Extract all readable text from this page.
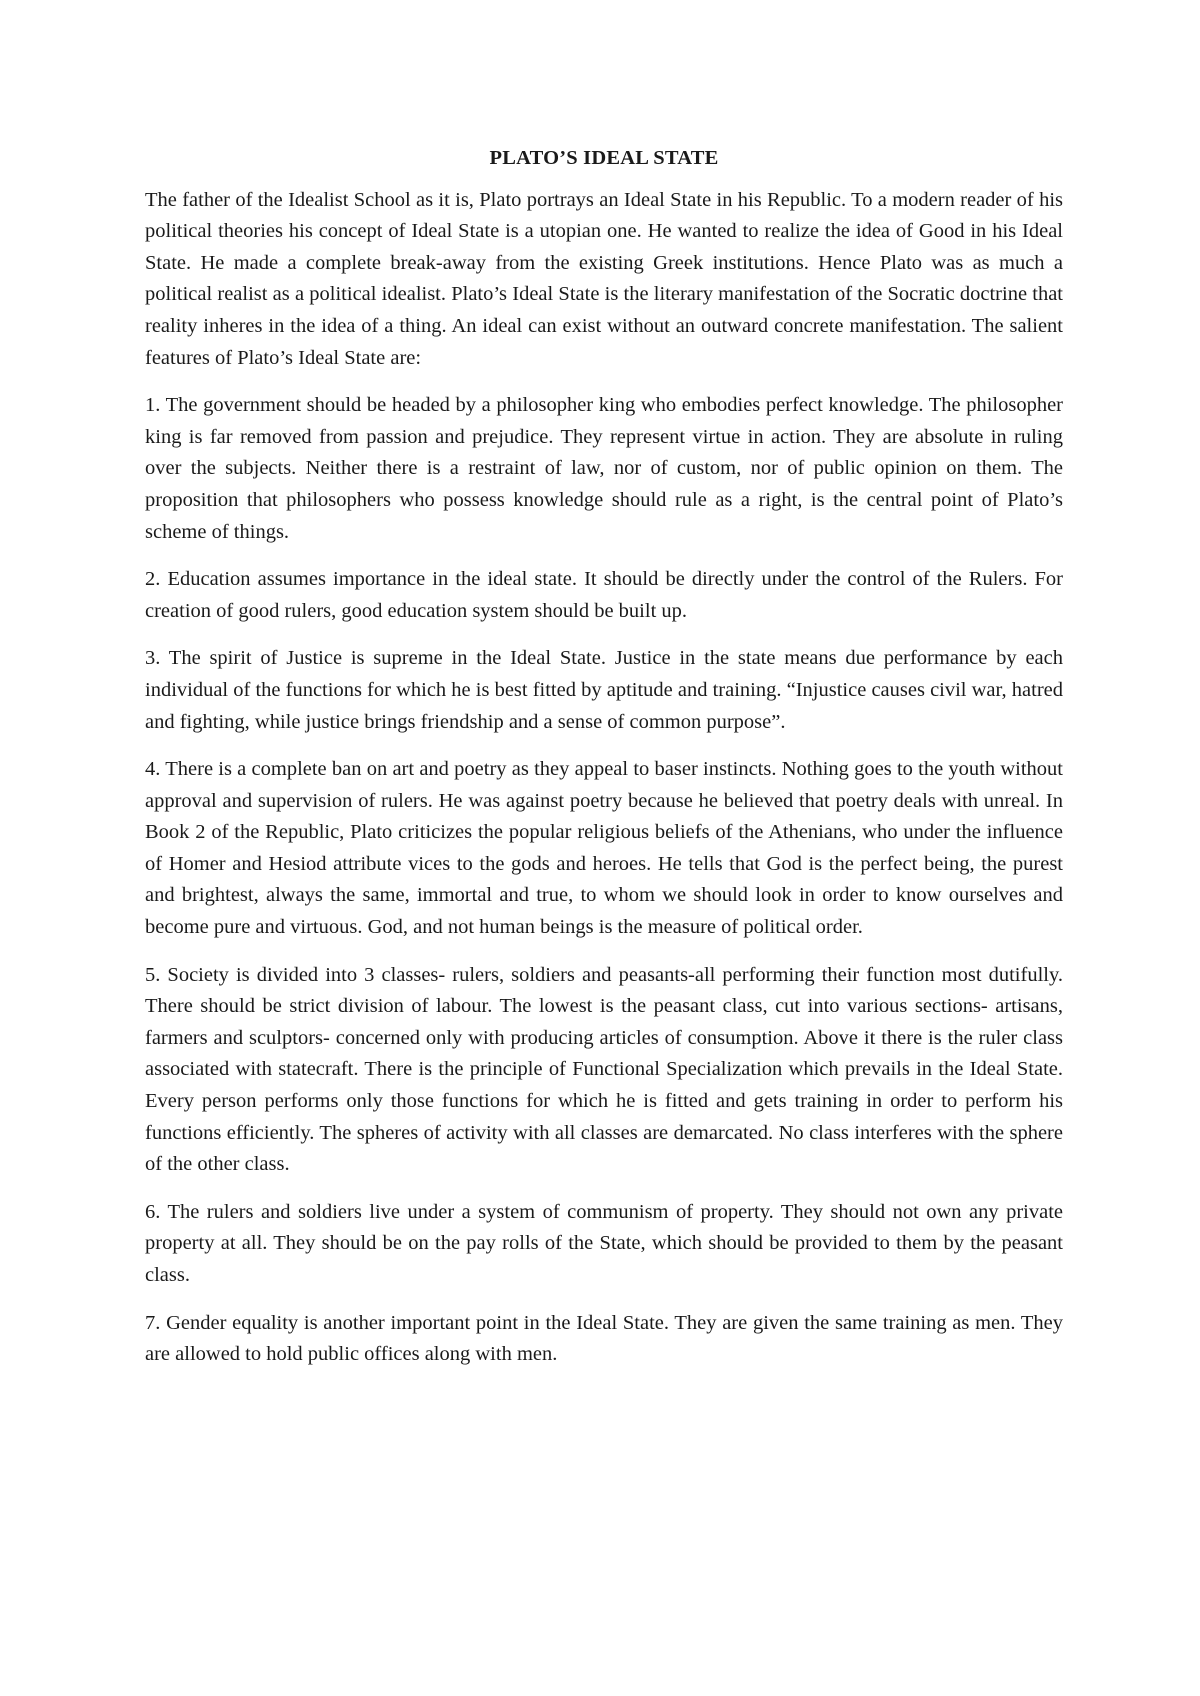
PLATO’S IDEAL STATE

The father of the Idealist School as it is, Plato portrays an Ideal State in his Republic. To a modern reader of his political theories his concept of Ideal State is a utopian one. He wanted to realize the idea of Good in his Ideal State. He made a complete break-away from the existing Greek institutions. Hence Plato was as much a political realist as a political idealist. Plato’s Ideal State is the literary manifestation of the Socratic doctrine that reality inheres in the idea of a thing. An ideal can exist without an outward concrete manifestation. The salient features of Plato’s Ideal State are:

1. The government should be headed by a philosopher king who embodies perfect knowledge. The philosopher king is far removed from passion and prejudice. They represent virtue in action. They are absolute in ruling over the subjects. Neither there is a restraint of law, nor of custom, nor of public opinion on them. The proposition that philosophers who possess knowledge should rule as a right, is the central point of Plato’s scheme of things.

2. Education assumes importance in the ideal state. It should be directly under the control of the Rulers. For creation of good rulers, good education system should be built up.

3. The spirit of Justice is supreme in the Ideal State. Justice in the state means due performance by each individual of the functions for which he is best fitted by aptitude and training. “Injustice causes civil war, hatred and fighting, while justice brings friendship and a sense of common purpose”.

4. There is a complete ban on art and poetry as they appeal to baser instincts. Nothing goes to the youth without approval and supervision of rulers. He was against poetry because he believed that poetry deals with unreal. In Book 2 of the Republic, Plato criticizes the popular religious beliefs of the Athenians, who under the influence of Homer and Hesiod attribute vices to the gods and heroes. He tells that God is the perfect being, the purest and brightest, always the same, immortal and true, to whom we should look in order to know ourselves and become pure and virtuous. God, and not human beings is the measure of political order.

5. Society is divided into 3 classes- rulers, soldiers and peasants-all performing their function most dutifully. There should be strict division of labour. The lowest is the peasant class, cut into various sections- artisans, farmers and sculptors- concerned only with producing articles of consumption. Above it there is the ruler class associated with statecraft. There is the principle of Functional Specialization which prevails in the Ideal State. Every person performs only those functions for which he is fitted and gets training in order to perform his functions efficiently. The spheres of activity with all classes are demarcated. No class interferes with the sphere of the other class.

6. The rulers and soldiers live under a system of communism of property. They should not own any private property at all. They should be on the pay rolls of the State, which should be provided to them by the peasant class.

7. Gender equality is another important point in the Ideal State. They are given the same training as men. They are allowed to hold public offices along with men.
